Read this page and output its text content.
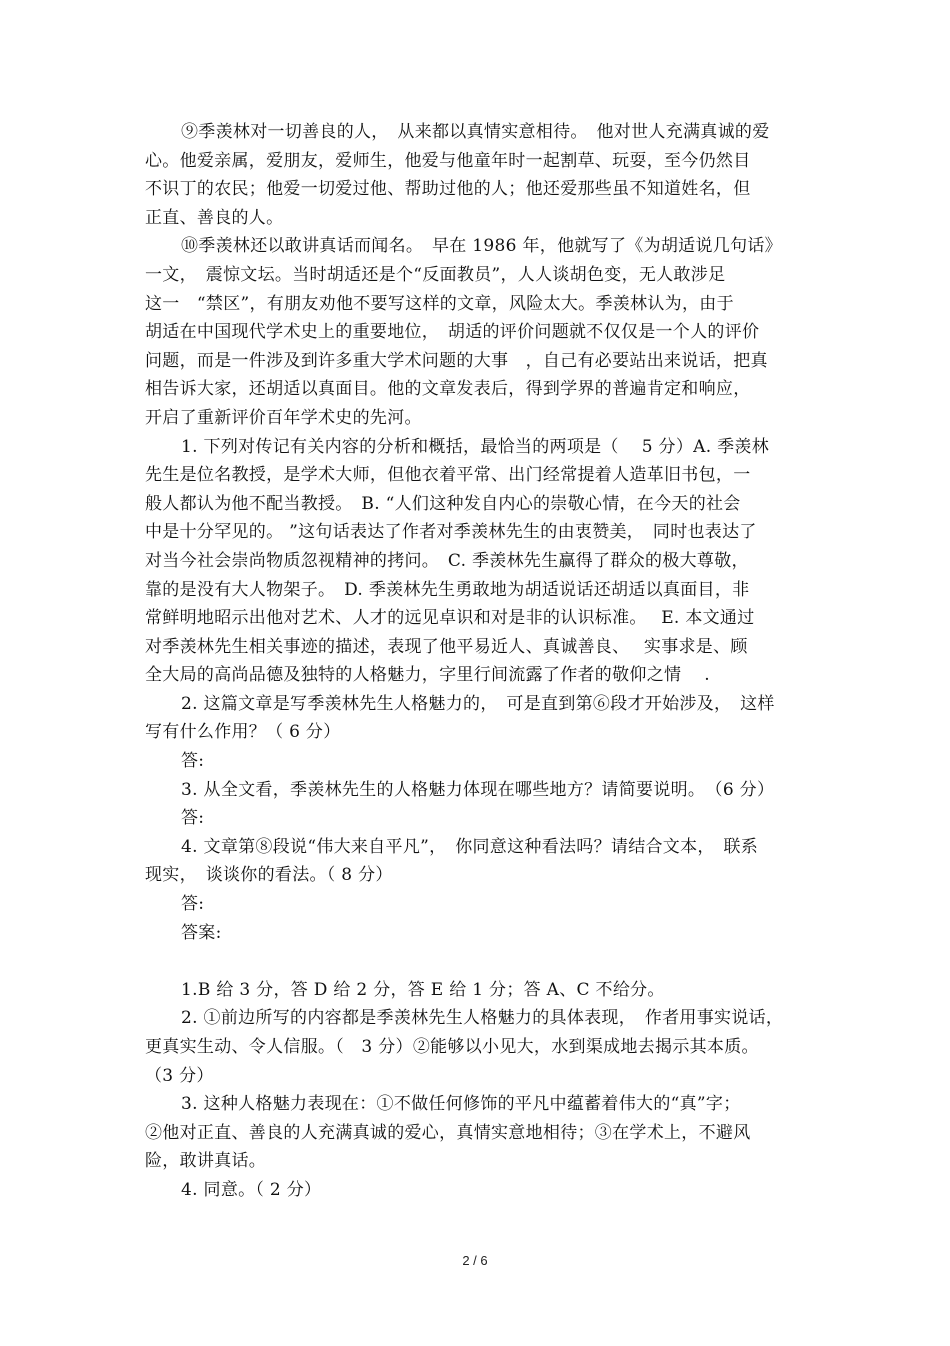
⑨季羡林对一切善良的人，　从来都以真情实意相待。　他对世人充满真诚的爱
心。他爱亲属，爱朋友，爱师生，他爱与他童年时一起割草、玩耍，至今仍然目
不识丁的农民；他爱一切爱过他、帮助过他的人；他还爱那些虽不知道姓名，但
正直、善良的人。
⑩季羡林还以敢讲真话而闻名。　早在 1986 年，他就写了《为胡适说几句话》
一文，　震惊文坛。当时胡适还是个“反面教员”，人人谈胡色变，无人敢涉足
这一　“禁区”，有朋友劝他不要写这样的文章，风险太大。季羡林认为，由于
胡适在中国现代学术史上的重要地位，　胡适的评价问题就不仅仅是一个人的评价
问题，而是一件涉及到许多重大学术问题的大事　，自己有必要站出来说话，把真
相告诉大家，还胡适以真面目。他的文章发表后，得到学界的普遍肯定和响应，
开启了重新评价百年学术史的先河。
1. 下列对传记有关内容的分析和概括，最恰当的两项是（　 5 分）A. 季羡林
先生是位名教授，是学术大师，但他衣着平常、出门经常提着人造革旧书包，一
般人都认为他不配当教授。　B. “人们这种发自内心的崇敬心情，在今天的社会
中是十分罕见的。 ”这句话表达了作者对季羡林先生的由衷赞美，　同时也表达了
对当今社会崇尚物质忽视精神的拷问。　C. 季羡林先生赢得了群众的极大尊敬，
靠的是没有大人物架子。　D. 季羡林先生勇敢地为胡适说话还胡适以真面目，非
常鲜明地昭示出他对艺术、人才的远见卓识和对是非的认识标准。　 E. 本文通过
对季羡林先生相关事迹的描述，表现了他平易近人、真诚善良、　 实事求是、顾
全大局的高尚品德及独特的人格魅力，字里行间流露了作者的敬仰之情　 .
2. 这篇文章是写季羡林先生人格魅力的，　可是直到第⑥段才开始涉及，　这样
写有什么作用？（ 6 分）
答:
3. 从全文看，季羡林先生的人格魅力体现在哪些地方？请简要说明。　（6 分）
答:
4. 文章第⑧段说“伟大来自平凡”，　你同意这种看法吗？请结合文本，　联系
现实，　谈谈你的看法。（ 8 分）
答:
答案:
1.B 给 3 分，答 D 给 2 分，答 E 给 1 分；答 A、C 不给分。
2. ①前边所写的内容都是季羡林先生人格魅力的具体表现，　作者用事实说话，
更真实生动、令人信服。（　3 分）②能够以小见大，水到渠成地去揭示其本质。
（3 分）
3. 这种人格魅力表现在：①不做任何修饰的平凡中蕴蓄着伟大的“真”字；
②他对正直、善良的人充满真诚的爱心，真情实意地相待；③在学术上，不避风
险，敢讲真话。
4. 同意。（ 2 分）
2 / 6
